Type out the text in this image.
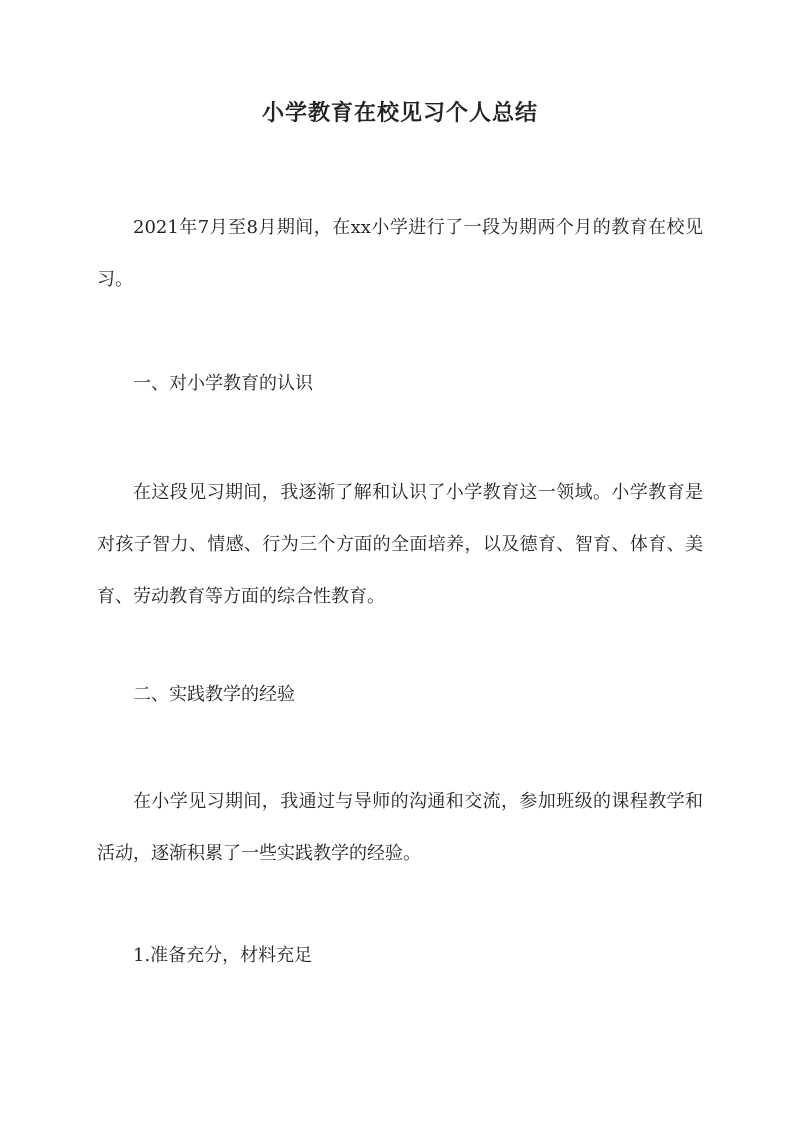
小学教育在校见习个人总结

2021年7月至8月期间，在xx小学进行了一段为期两个月的教育在校见习。

一、对小学教育的认识

在这段见习期间，我逐渐了解和认识了小学教育这一领域。小学教育是对孩子智力、情感、行为三个方面的全面培养，以及德育、智育、体育、美育、劳动教育等方面的综合性教育。

二、实践教学的经验

在小学见习期间，我通过与导师的沟通和交流，参加班级的课程教学和活动，逐渐积累了一些实践教学的经验。

1.准备充分，材料充足
